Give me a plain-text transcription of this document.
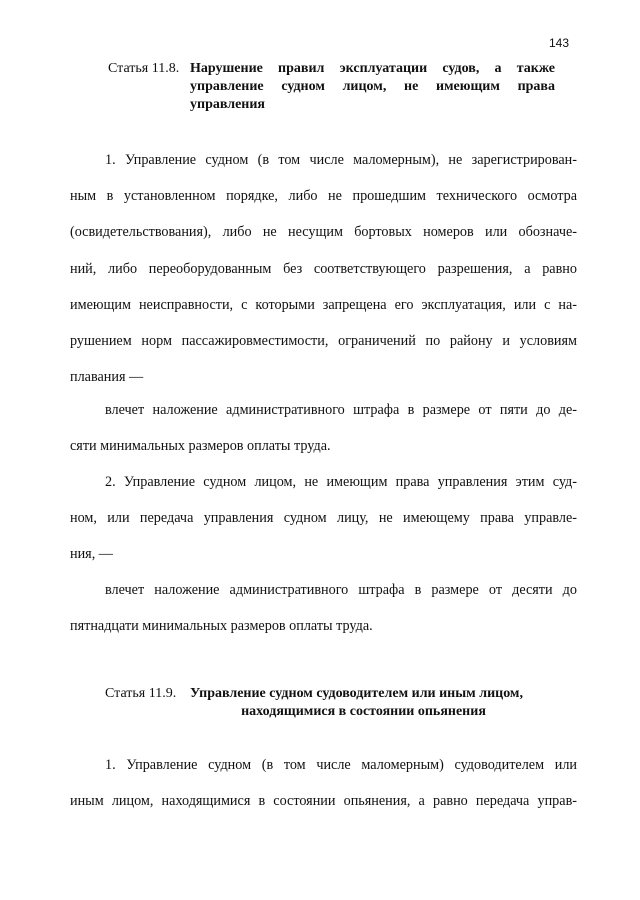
143
Статья 11.8. Нарушение правил эксплуатации судов, а также
управление судном лицом, не имеющим права
управления
1. Управление судном (в том числе маломерным), не зарегистрирован-
ным в установленном порядке, либо не прошедшим технического осмотра
(освидетельствования), либо не несущим бортовых номеров или обозначе-
ний, либо переоборудованным без соответствующего разрешения, а равно
имеющим неисправности, с которыми запрещена его эксплуатация, или с на-
рушением норм пассажировместимости, ограничений по району и условиям
плавания —
влечет наложение административного штрафа в размере от пяти до де-
сяти минимальных размеров оплаты труда.
2. Управление судном лицом, не имеющим права управления этим суд-
ном, или передача управления судном лицу, не имеющему права управле-
ния, —
влечет наложение административного штрафа в размере от десяти до
пятнадцати минимальных размеров оплаты труда.
Статья 11.9. Управление судном судоводителем или иным лицом,
находящимися в состоянии опьянения
1. Управление судном (в том числе маломерным) судоводителем или
иным лицом, находящимися в состоянии опьянения, а равно передача управ-
